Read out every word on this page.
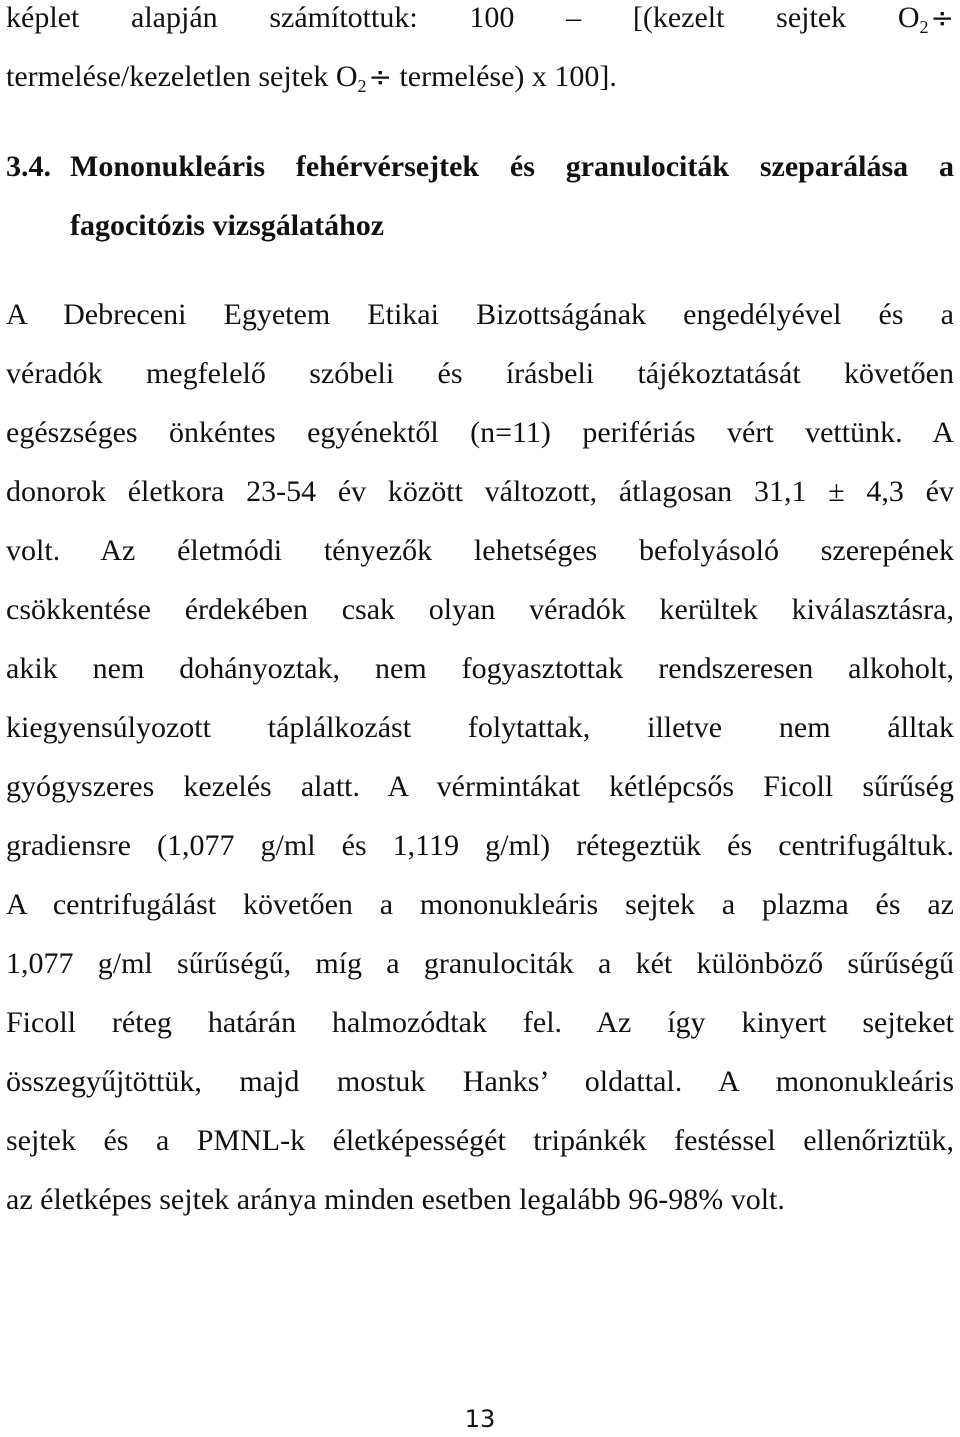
képlet alapján számítottuk: 100 – [(kezelt sejtek $O_2\div$
termelése/kezeletlen sejtek $O_2\div$ termelése) x 100].
3.4. Mononukleáris fehérvérsejtek és granulociták szeparálása a
fagocitózis vizsgálatához
A Debreceni Egyetem Etikai Bizottságának engedélyével és a
véradók megfelelő szóbeli és írásbeli tájékoztatását követően
egészséges önkéntes egyénektől (n=11) perifériás vért vettünk. A
donorok életkora 23-54 év között változott, átlagosan 31,1 ± 4,3 év
volt. Az életmódi tényezők lehetséges befolyásoló szerepének
csökkentése érdekében csak olyan véradók kerültek kiválasztásra,
akik nem dohányoztak, nem fogyasztottak rendszeresen alkoholt,
kiegyensúlyozott táplálkozást folytattak, illetve nem álltak
gyógyszeres kezelés alatt. A vérmintákat kétlépcsős Ficoll sűrűség
gradiensre (1,077 g/ml és 1,119 g/ml) rétegeztük és centrifugáltuk.
A centrifugálást követően a mononukleáris sejtek a plazma és az
1,077 g/ml sűrűségű, míg a granulociták a két különböző sűrűségű
Ficoll réteg határán halmozódtak fel. Az így kinyert sejteket
összegyűjtöttük, majd mostuk Hanks’ oldattal. A mononukleáris
sejtek és a PMNL-k életképességét tripánkék festéssel ellenőriztük,
az életképes sejtek aránya minden esetben legalább 96-98% volt.
13
